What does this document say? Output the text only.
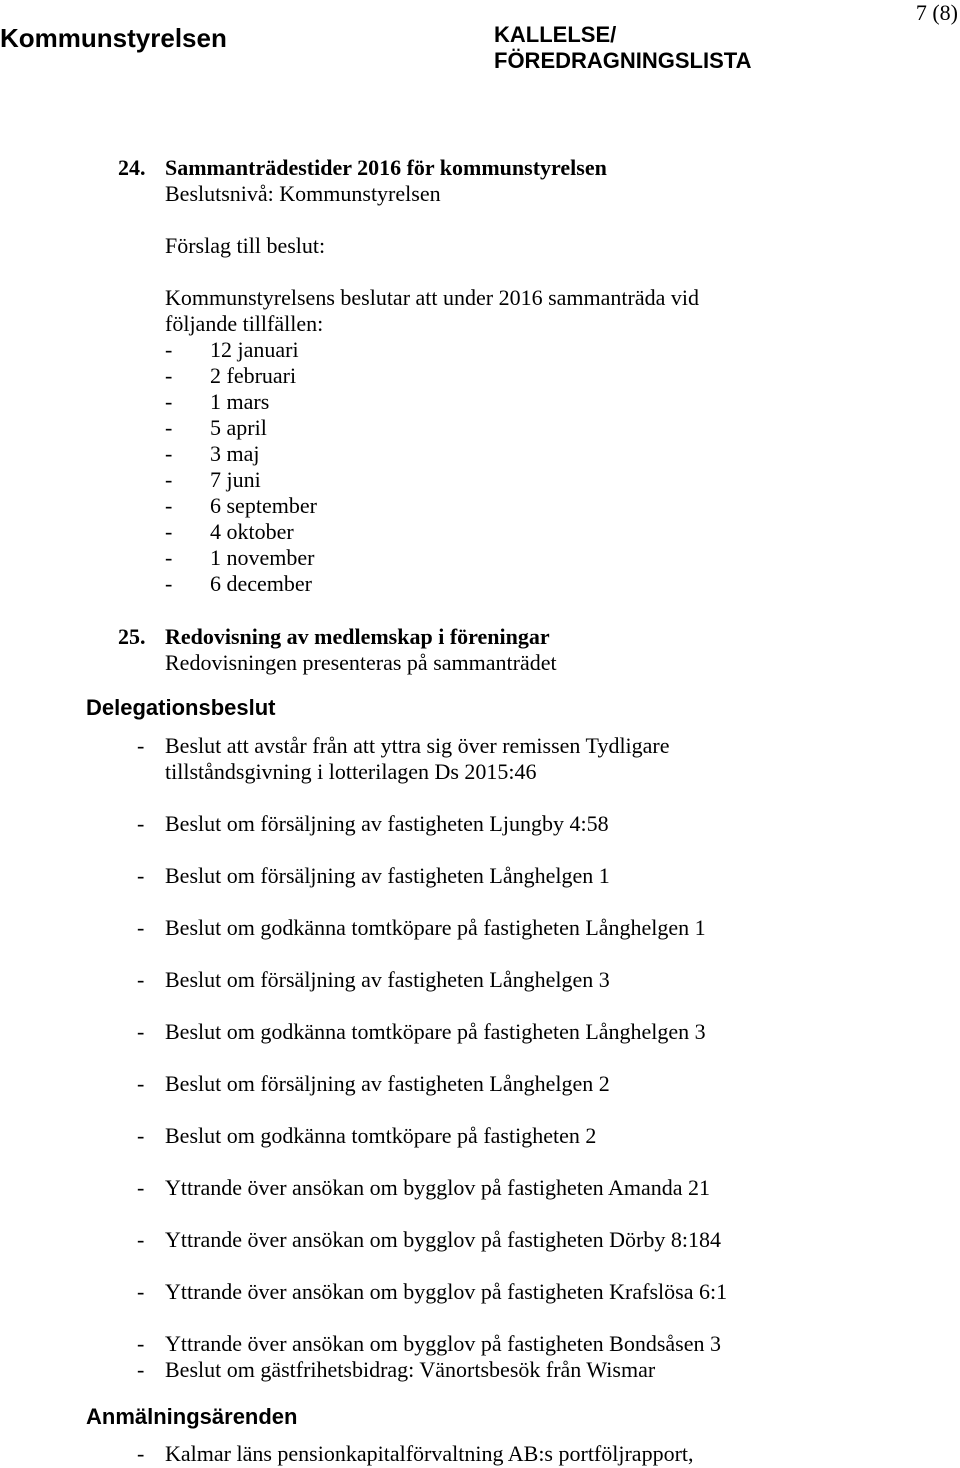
Kommunstyrelsen	KALLELSE/
FÖREDRAGNINGSLISTA
7 (8)
24. Sammanträdestider 2016 för kommunstyrelsen
Beslutsnivå: Kommunstyrelsen
Förslag till beslut:
Kommunstyrelsens beslutar att under 2016 sammanträda vid
följande tillfällen:
-	12 januari
-	2 februari
-	1 mars
-	5 april
-	3 maj
-	7 juni
-	6 september
-	4 oktober
-	1 november
-	6 december
25. Redovisning av medlemskap i föreningar
Redovisningen presenteras på sammanträdet
Delegationsbeslut
- Beslut att avstår från att yttra sig över remissen Tydligare
tillståndsgivning i lotterilagen Ds 2015:46
- Beslut om försäljning av fastigheten Ljungby 4:58
- Beslut om försäljning av fastigheten Långhelgen 1
- Beslut om godkänna tomtköpare på fastigheten Långhelgen 1
- Beslut om försäljning av fastigheten Långhelgen 3
- Beslut om godkänna tomtköpare på fastigheten Långhelgen 3
- Beslut om försäljning av fastigheten Långhelgen 2
- Beslut om godkänna tomtköpare på fastigheten 2
- Yttrande över ansökan om bygglov på fastigheten Amanda 21
- Yttrande över ansökan om bygglov på fastigheten Dörby 8:184
- Yttrande över ansökan om bygglov på fastigheten Krafslösa 6:1
- Yttrande över ansökan om bygglov på fastigheten Bondsåsen 3
- Beslut om gästfrihetsbidrag: Vänortsbesök från Wismar
Anmälningsärenden
- Kalmar läns pensionkapitalförvaltning AB:s portföljrapport,
